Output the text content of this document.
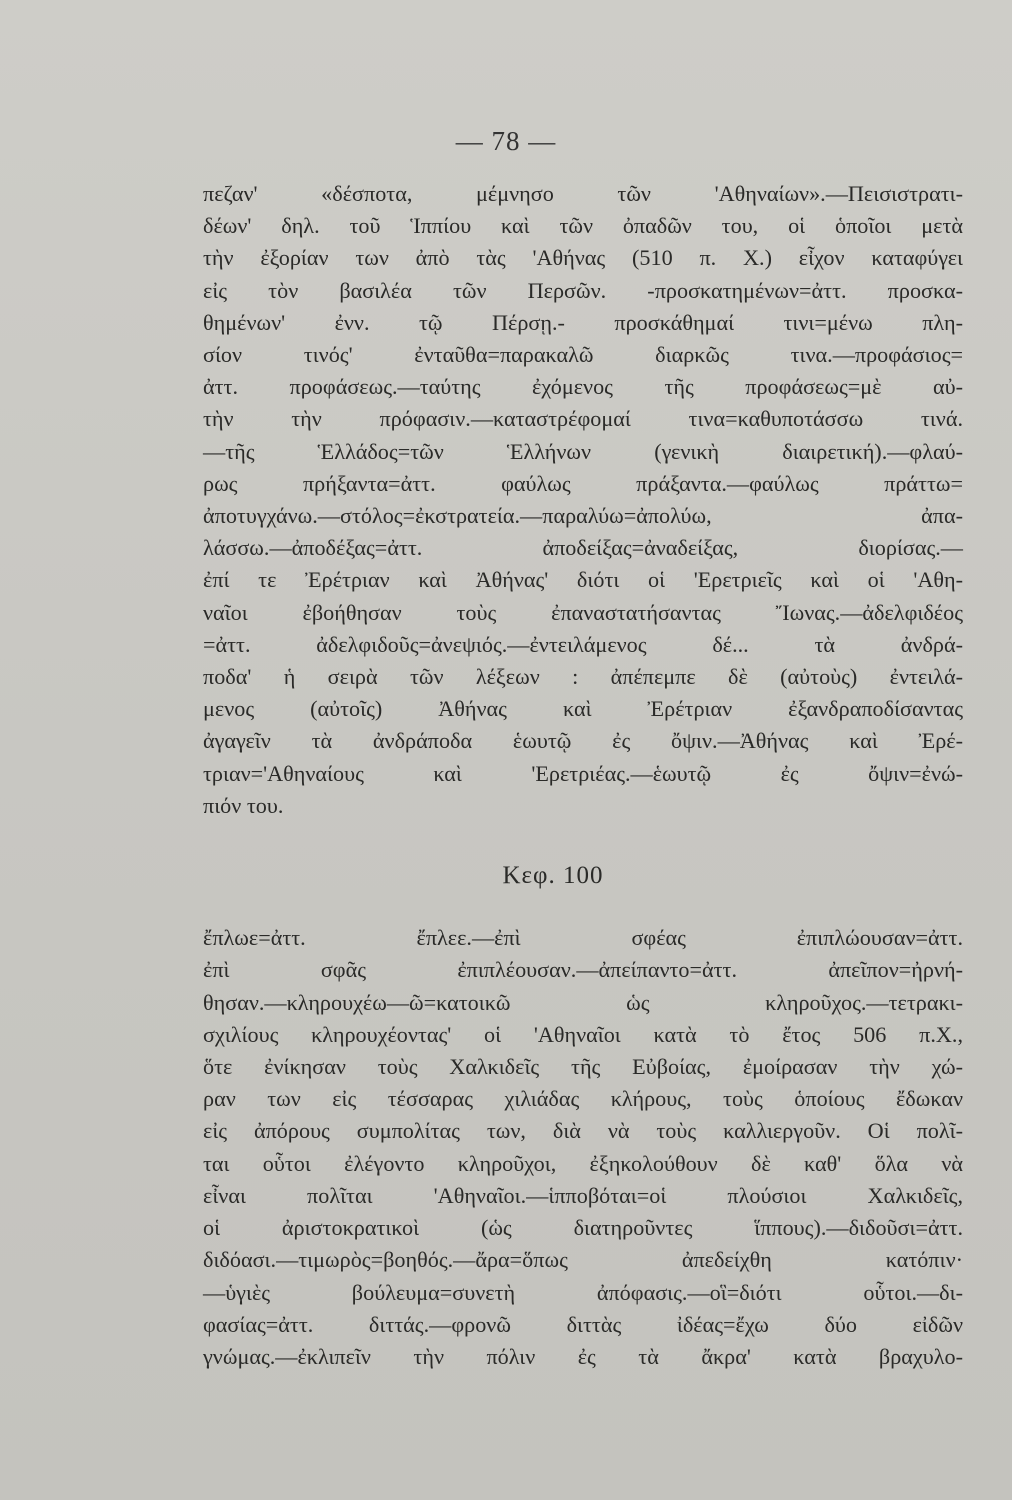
— 78 —
πεζαν' «δέσποτα, μέμνησο τῶν 'Αθηναίων».—Πεισιστρατι-
δέων' δηλ. τοῦ Ἱππίου καὶ τῶν ὀπαδῶν του, οἱ ὁποῖοι μετὰ
τὴν ἐξορίαν των ἀπὸ τὰς 'Αθήνας (510 π. Χ.) εἶχον καταφύγει
εἰς τὸν βασιλέα τῶν Περσῶν. -προσκατημένων=ἀττ. προσκα-
θημένων' ἐνν. τῷ Πέρσῃ.- προσκάθημαί τινι=μένω πλη-
σίον τινός' ἐνταῦθα=παρακαλῶ διαρκῶς τινα.—προφάσιος=
ἀττ. προφάσεως.—ταύτης ἐχόμενος τῆς προφάσεως=μὲ αὐ-
τὴν τὴν πρόφασιν.—καταστρέφομαί τινα=καθυποτάσσω τινά.
—τῆς Ἑλλάδος=τῶν Ἑλλήνων (γενικὴ διαιρετική).—φλαύ-
ρως πρήξαντα=ἀττ. φαύλως πράξαντα.—φαύλως πράττω=
ἀποτυγχάνω.—στόλος=ἐκστρατεία.—παραλύω=ἀπολύω, ἀπα-
λάσσω.—ἀποδέξας=ἀττ. ἀποδείξας=ἀναδείξας, διορίσας.—
ἐπί τε Ἐρέτριαν καὶ Ἀθήνας' διότι οἱ 'Ερετριεῖς καὶ οἱ 'Αθη-
ναῖοι ἐβοήθησαν τοὺς ἐπαναστατήσαντας Ἴωνας.—ἀδελφιδέος
=ἀττ. ἀδελφιδοῦς=ἀνεψιός.—ἐντειλάμενος δέ... τὰ ἀνδρά-
ποδα' ἡ σειρὰ τῶν λέξεων : ἀπέπεμπε δὲ (αὐτοὺς) ἐντειλά-
μενος (αὐτοῖς) Ἀθήνας καὶ Ἐρέτριαν ἐξανδραποδίσαντας
ἀγαγεῖν τὰ ἀνδράποδα ἑωυτῷ ἐς ὄψιν.—Ἀθήνας καὶ Ἐρέ-
τριαν='Αθηναίους καὶ 'Ερετριέας.—ἑωυτῷ ἐς ὄψιν=ἐνώ-
πιόν του.
Κεφ. 100
ἔπλωε=ἀττ. ἔπλεε.—ἐπὶ σφέας ἐπιπλώουσαν=ἀττ.
ἐπὶ σφᾶς ἐπιπλέουσαν.—ἀπείπαντο=ἀττ. ἀπεῖπον=ἠρνή-
θησαν.—κληρουχέω—ῶ=κατοικῶ ὡς κληροῦχος.—τετρακι-
σχιλίους κληρουχέοντας' οἱ 'Αθηναῖοι κατὰ τὸ ἔτος 506 π.Χ.,
ὅτε ἐνίκησαν τοὺς Χαλκιδεῖς τῆς Εὐβοίας, ἐμοίρασαν τὴν χώ-
ραν των εἰς τέσσαρας χιλιάδας κλήρους, τοὺς ὁποίους ἔδωκαν
εἰς ἀπόρους συμπολίτας των, διὰ νὰ τοὺς καλλιεργοῦν. Οἱ πολῖ-
ται οὗτοι ἐλέγοντο κληροῦχοι, ἐξηκολούθουν δὲ καθ' ὅλα νὰ
εἶναι πολῖται 'Αθηναῖοι.—ἱπποβόται=οἱ πλούσιοι Χαλκιδεῖς,
οἱ ἀριστοκρατικοὶ (ὡς διατηροῦντες ἵππους).—διδοῦσι=ἀττ.
διδόασι.—τιμωρὸς=βοηθός.—ἄρα=ὅπως ἀπεδείχθη κατόπιν·
—ὑγιὲς βούλευμα=συνετὴ ἀπόφασις.—οἳ=διότι οὗτοι.—δι-
φασίας=ἀττ. διττάς.—φρονῶ διττὰς ἰδέας=ἔχω δύο εἰδῶν
γνώμας.—ἐκλιπεῖν τὴν πόλιν ἐς τὰ ἄκρα' κατὰ βραχυλο-
